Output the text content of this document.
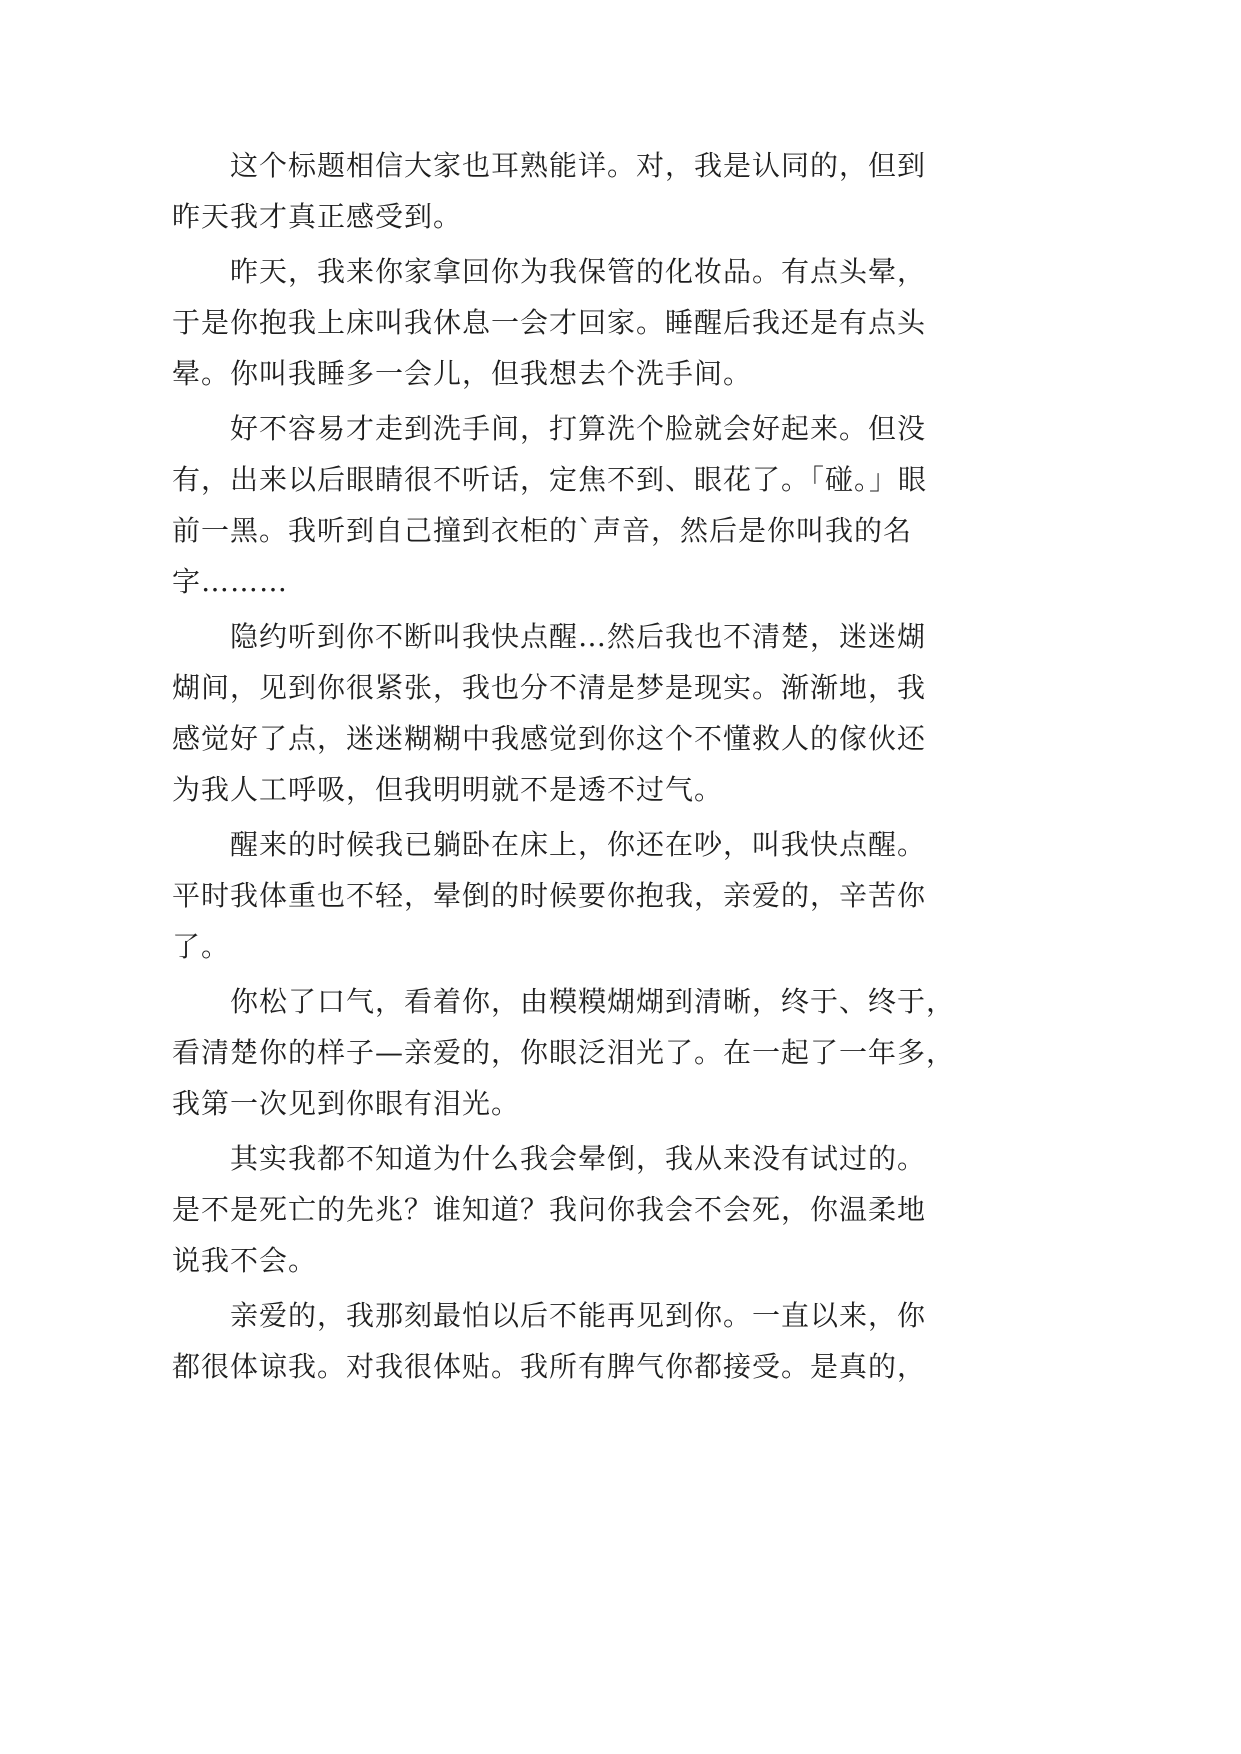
这个标题相信大家也耳熟能详。对，我是认同的，但到
昨天我才真正感受到。
昨天，我来你家拿回你为我保管的化妆品。有点头晕，
于是你抱我上床叫我休息一会才回家。睡醒后我还是有点头
晕。你叫我睡多一会儿，但我想去个洗手间。
好不容易才走到洗手间，打算洗个脸就会好起来。但没
有，出来以后眼睛很不听话，定焦不到、眼花了。「碰。」眼
前一黑。我听到自己撞到衣柜的`声音，然后是你叫我的名
字………
隐约听到你不断叫我快点醒…然后我也不清楚，迷迷煳
煳间，见到你很紧张，我也分不清是梦是现实。渐渐地，我
感觉好了点，迷迷糊糊中我感觉到你这个不懂救人的傢伙还
为我人工呼吸，但我明明就不是透不过气。
醒来的时候我已躺卧在床上，你还在吵，叫我快点醒。
平时我体重也不轻，晕倒的时候要你抱我，亲爱的，辛苦你
了。
你松了口气，看着你，由糢糢煳煳到清晰，终于、终于，
看清楚你的样子—亲爱的，你眼泛泪光了。在一起了一年多，
我第一次见到你眼有泪光。
其实我都不知道为什么我会晕倒，我从来没有试过的。
是不是死亡的先兆？谁知道？我问你我会不会死，你温柔地
说我不会。
亲爱的，我那刻最怕以后不能再见到你。一直以来，你
都很体谅我。对我很体贴。我所有脾气你都接受。是真的，
